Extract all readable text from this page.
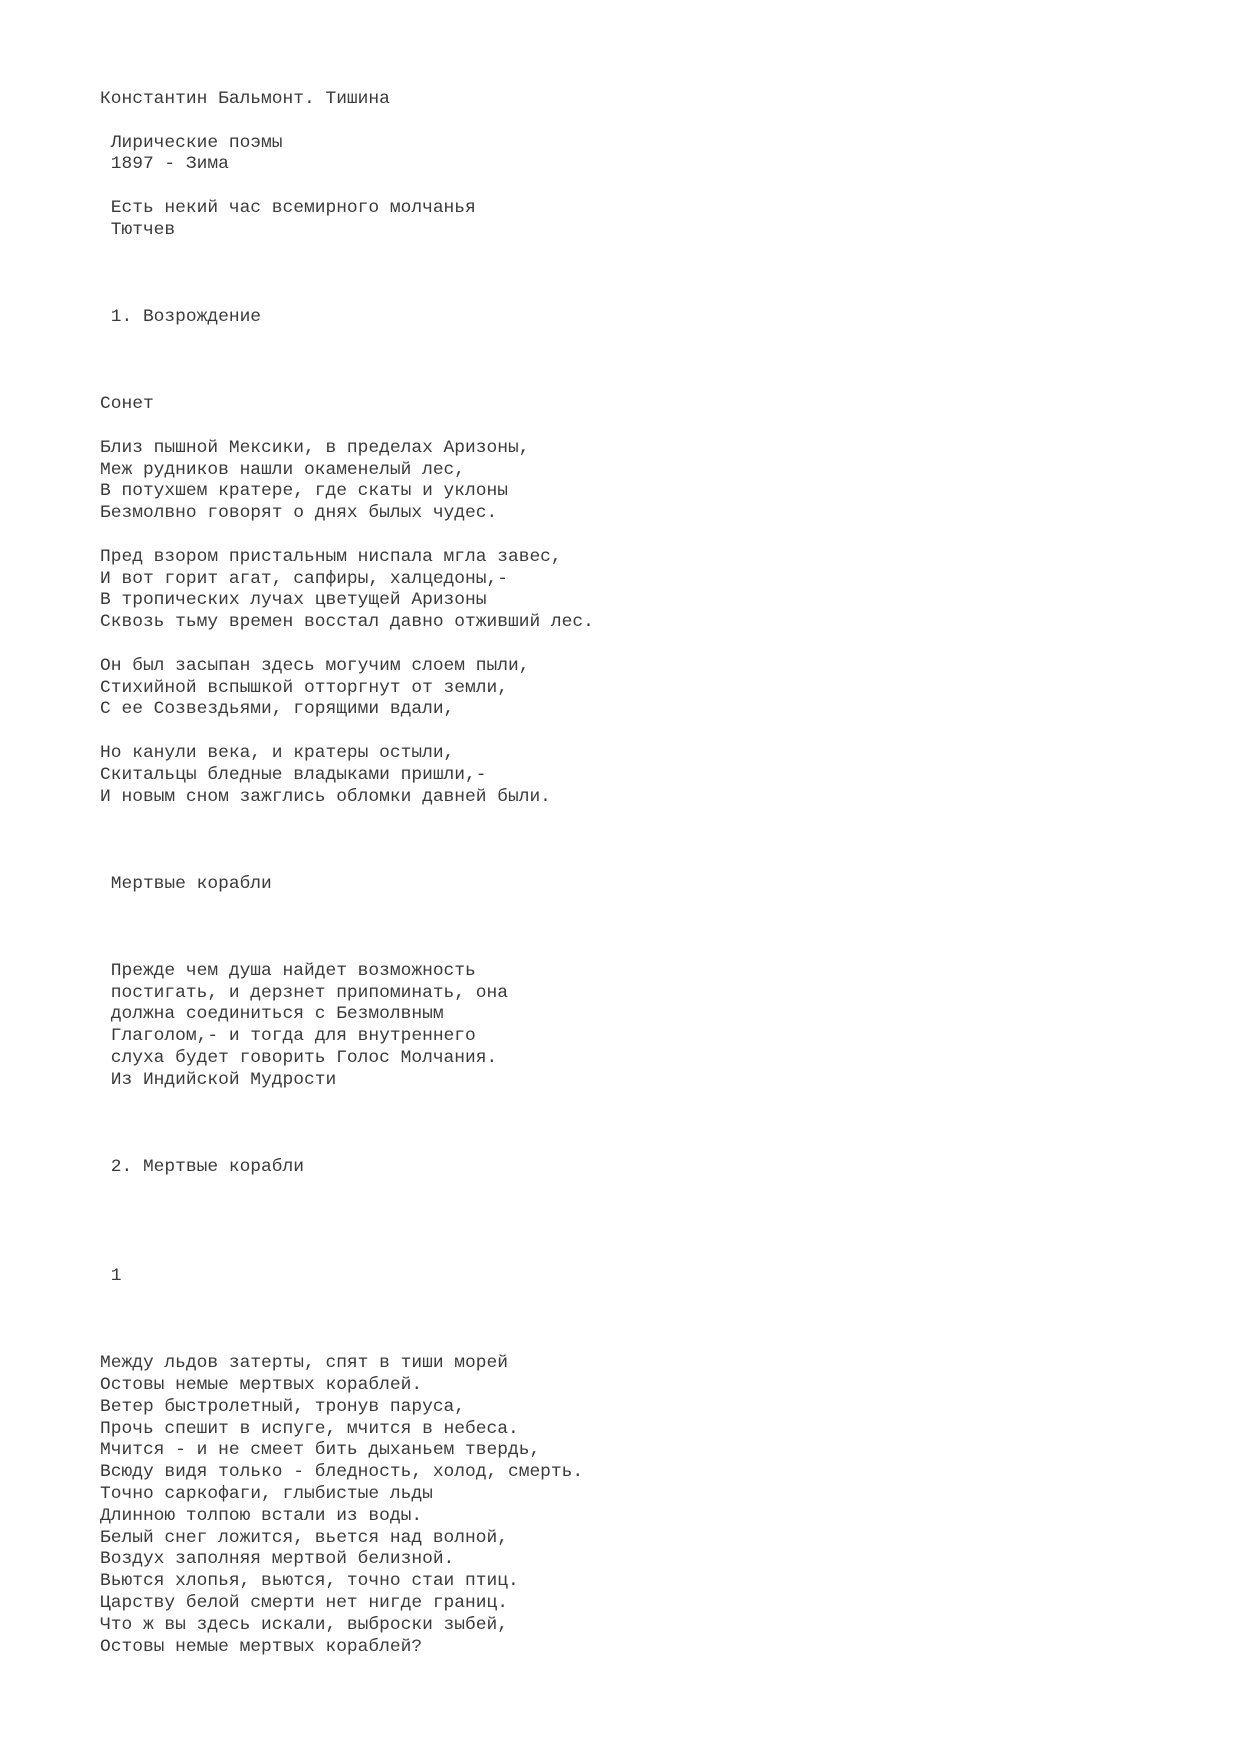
Константин Бальмонт. Тишина
Лирические поэмы
1897 - Зима
Есть некий час всемирного молчанья
Тютчев
1. Возрождение
Сонет
Близ пышной Мексики, в пределах Аризоны,
Меж рудников нашли окаменелый лес,
В потухшем кратере, где скаты и уклоны
Безмолвно говорят о днях былых чудес.
Пред взором пристальным ниспала мгла завес,
И вот горит агат, сапфиры, халцедоны,-
В тропических лучах цветущей Аризоны
Сквозь тьму времен восстал давно отживший лес.
Он был засыпан здесь могучим слоем пыли,
Стихийной вспышкой отторгнут от земли,
С ее Созвездьями, горящими вдали,
Но канули века, и кратеры остыли,
Скитальцы бледные владыками пришли,-
И новым сном зажглись обломки давней были.
Мертвые корабли
Прежде чем душа найдет возможность
постигать, и дерзнет припоминать, она
должна соединиться с Безмолвным
Глаголом,- и тогда для внутреннего
слуха будет говорить Голос Молчания.
Из Индийской Мудрости
2. Мертвые корабли
1
Между льдов затерты, спят в тиши морей
Остовы немые мертвых кораблей.
Ветер быстролетный, тронув паруса,
Прочь спешит в испуге, мчится в небеса.
Мчится - и не смеет бить дыханьем твердь,
Всюду видя только - бледность, холод, смерть.
Точно саркофаги, глыбистые льды
Длинною толпою встали из воды.
Белый снег ложится, вьется над волной,
Воздух заполняя мертвой белизной.
Вьются хлопья, вьются, точно стаи птиц.
Царству белой смерти нет нигде границ.
Что ж вы здесь искали, выброски зыбей,
Остовы немые мертвых кораблей?
